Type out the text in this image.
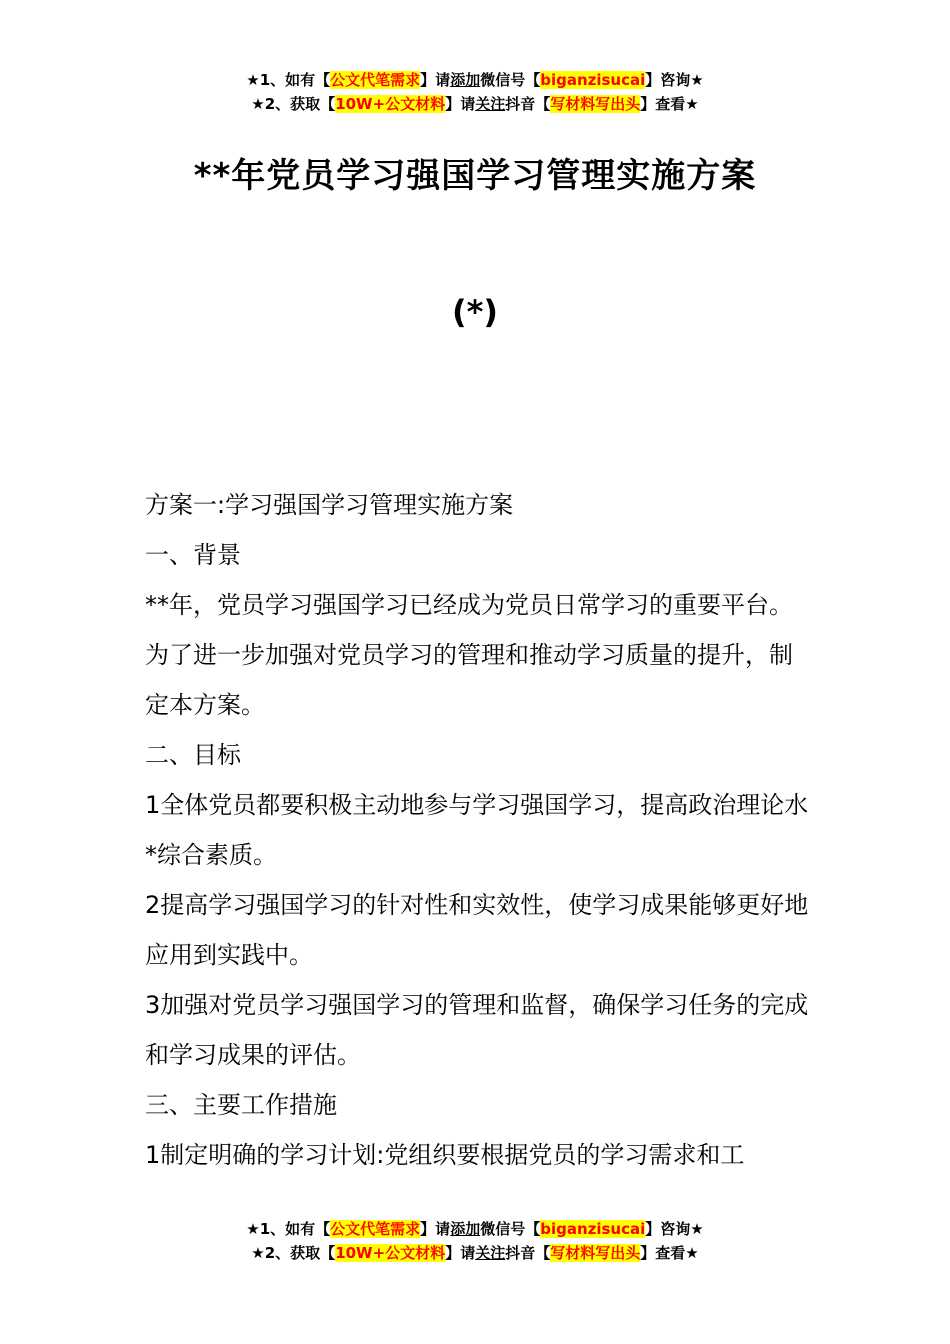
★1、如有【公文代笔需求】请添加微信号【biganzisucai】咨询★
★2、获取【10W+公文材料】请关注抖音【写材料写出头】查看★
**年党员学习强国学习管理实施方案
(*)

方案一:学习强国学习管理实施方案

一、背景

**年，党员学习强国学习已经成为党员日常学习的重要平台。为了进一步加强对党员学习的管理和推动学习质量的提升，制定本方案。

二、目标

1全体党员都要积极主动地参与学习强国学习，提高政治理论水*综合素质。

2提高学习强国学习的针对性和实效性，使学习成果能够更好地应用到实践中。

3加强对党员学习强国学习的管理和监督，确保学习任务的完成和学习成果的评估。

三、主要工作措施

1制定明确的学习计划:党组织要根据党员的学习需求和工

★1、如有【公文代笔需求】请添加微信号【biganzisucai】咨询★
★2、获取【10W+公文材料】请关注抖音【写材料写出头】查看★
